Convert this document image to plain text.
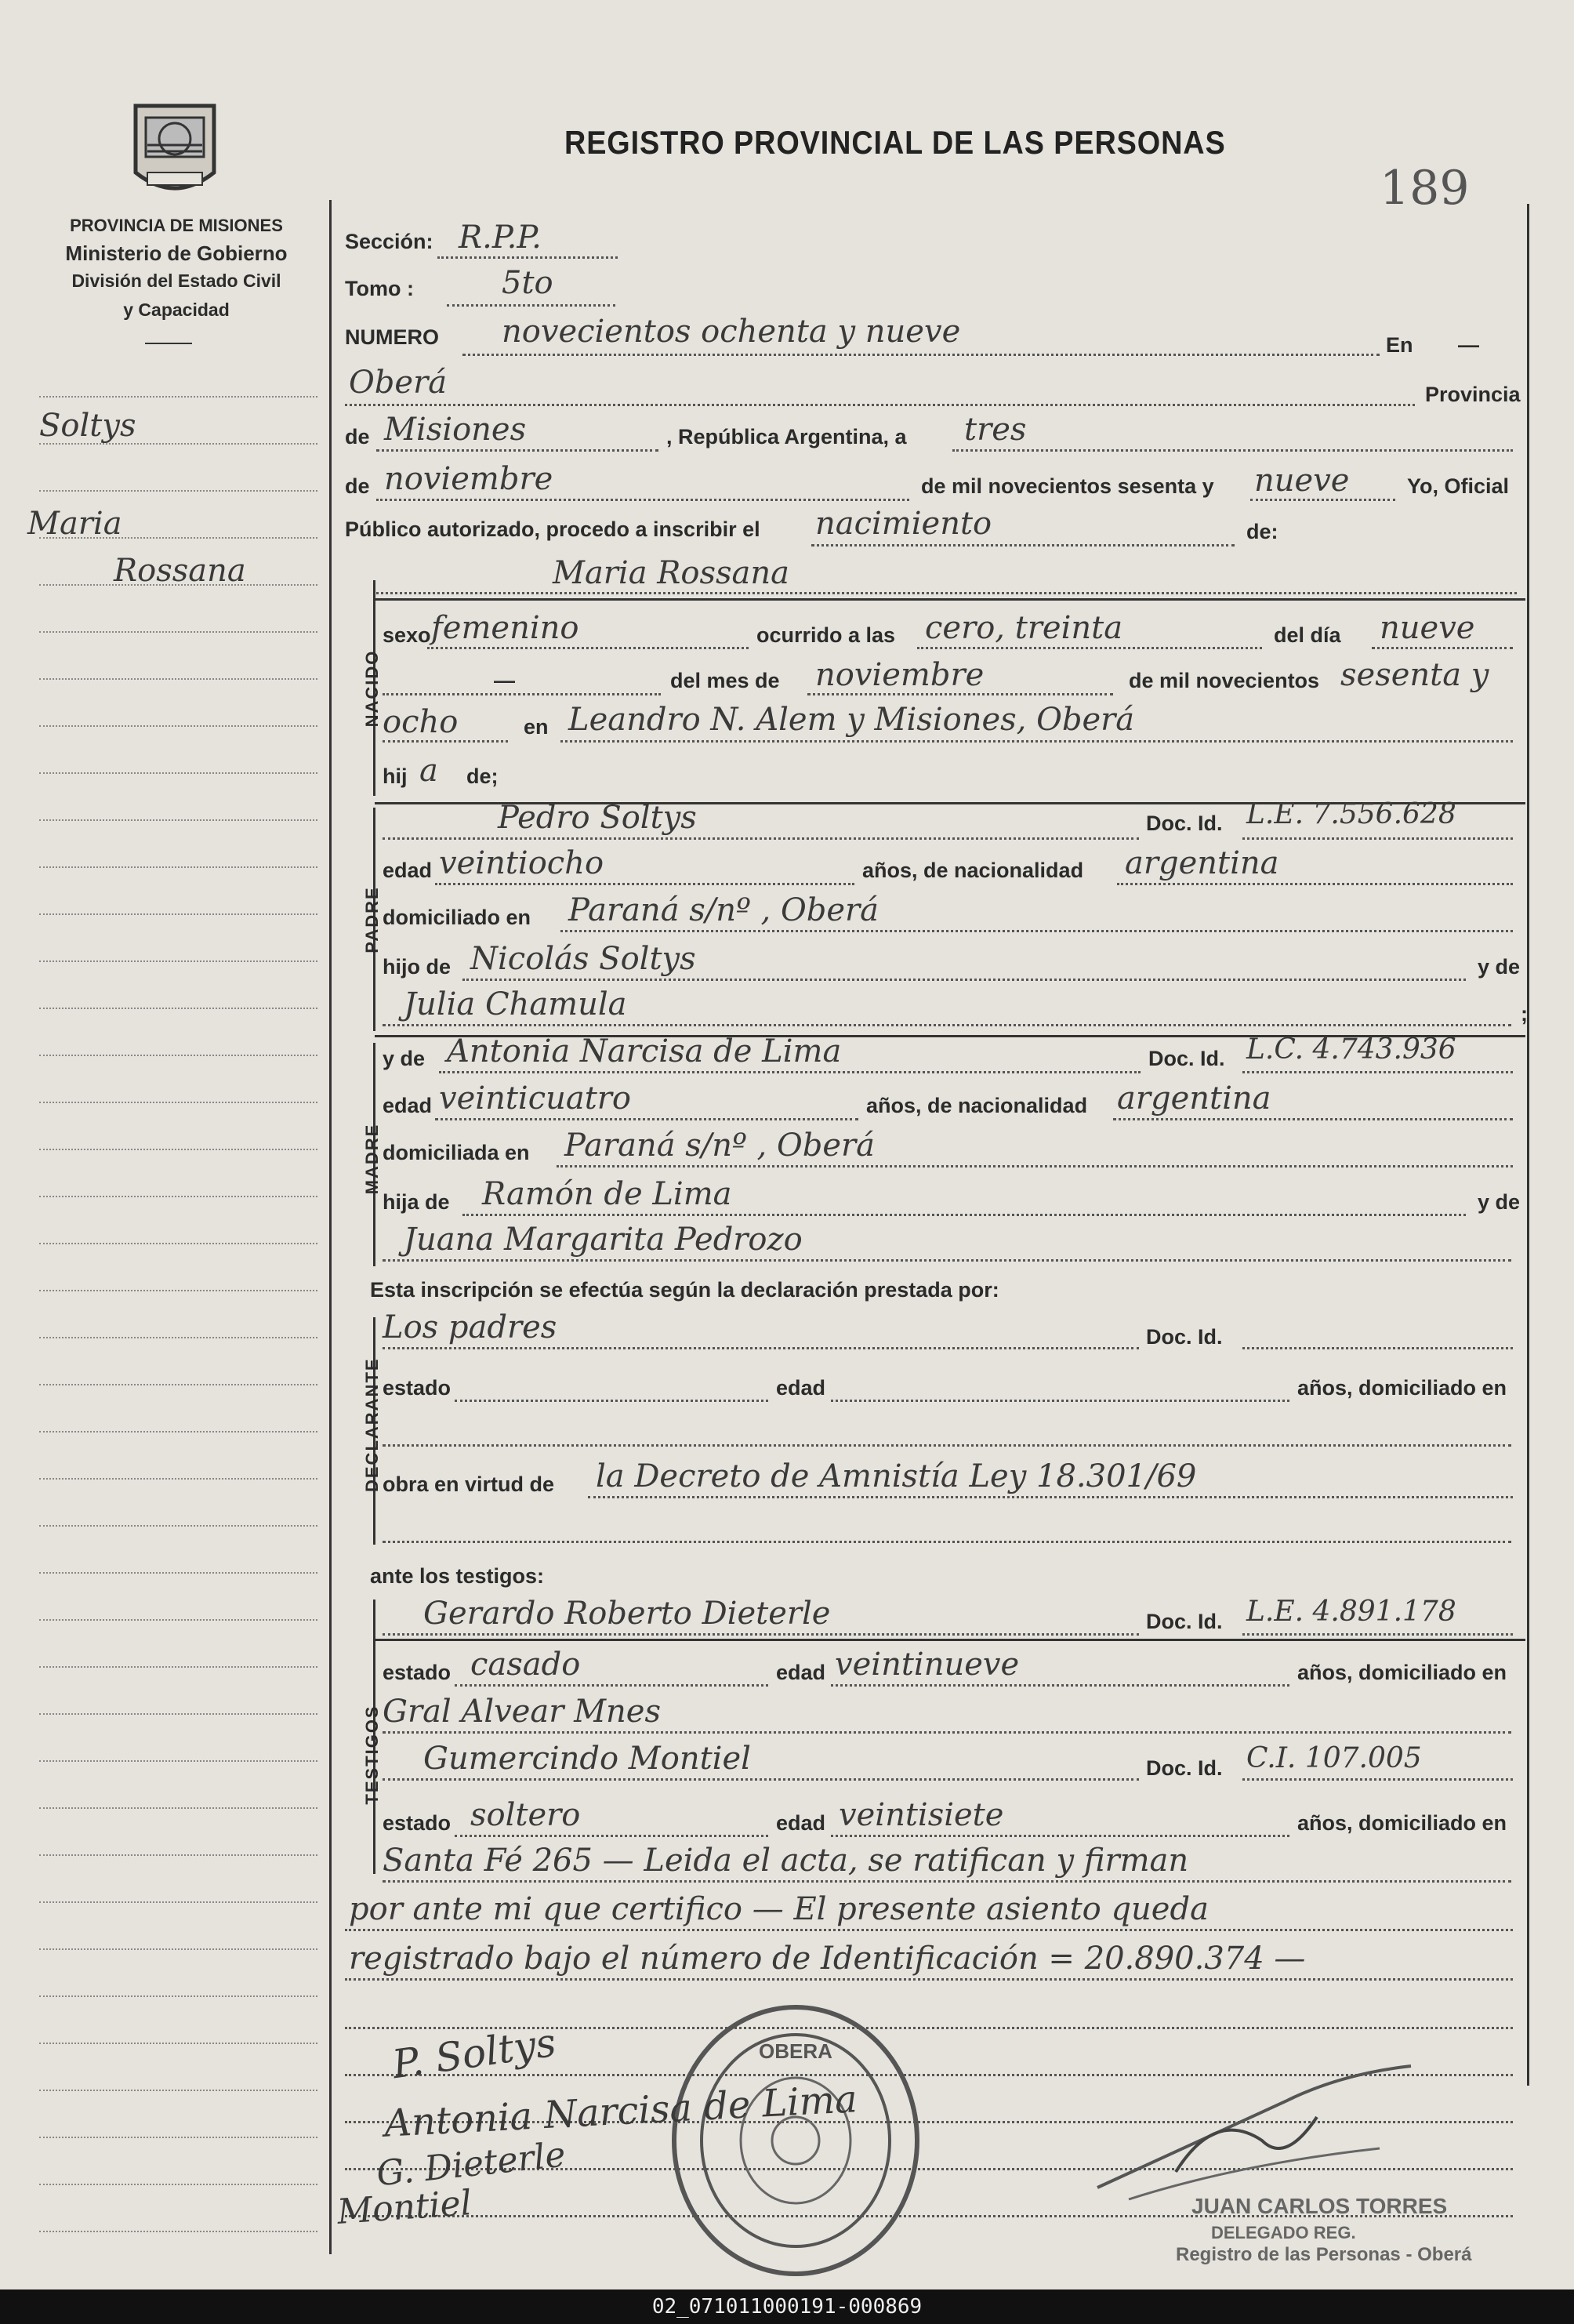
PROVINCIA DE MISIONES
Ministerio de Gobierno
División del Estado Civil
y Capacidad
REGISTRO PROVINCIAL DE LAS PERSONAS
189
Soltys
Maria
Rossana
Sección: R.P.P.
Tomo :	5to
NUMERO novecientos ochenta y nueve	En —
Oberá	Provincia
de Misiones	, República Argentina, a tres
de noviembre	de mil novecientos sesenta y nueve	Yo, Oficial
Público autorizado, procedo a inscribir el nacimiento	de:
Maria Rossana
NACIDO
sexo femenino	ocurrido a las cero, treinta	del día nueve
—	del mes de noviembre	de mil novecientos sesenta y
ocho	en Leandro N. Alem y Misiones, Oberá
hij a de;
PADRE
Pedro Soltys	Doc. Id. L.E. 7.556.628
edad veintiocho	años, de nacionalidad argentina
domiciliado en Paraná s/nº , Oberá
hijo de Nicolás Soltys	y de
Julia Chamula	;
MADRE
y de Antonia Narcisa de Lima	Doc. Id. L.C. 4.743.936
edad veinticuatro	años, de nacionalidad argentina
domiciliada en Paraná s/nº , Oberá
hija de Ramón de Lima	y de
Juana Margarita Pedrozo
Esta inscripción se efectúa según la declaración prestada por:
DECLARANTE
Los padres	Doc. Id.
estado	edad	años, domiciliado en
obra en virtud de la Decreto de Amnistía Ley 18.301/69
ante los testigos:
TESTIGOS
Gerardo Roberto Dieterle	Doc. Id. L.E. 4.891.178
estado casado	edad veintinueve	años, domiciliado en
Gral Alvear Mnes
Gumercindo Montiel	Doc. Id. C.I. 107.005
estado soltero	edad veintisiete	años, domiciliado en
Santa Fé 265 — Leida el acta, se ratifican y firman
por ante mi que certifico — El presente asiento queda
registrado bajo el número de Identificación = 20.890.374 —
OBERA
P. Soltys
Antonia Narcisa de Lima
G. Dieterle
Montiel	JUAN CARLOS TORRES
DELEGADO REG.
Registro de las Personas - Oberá
02_071011000191-000869
